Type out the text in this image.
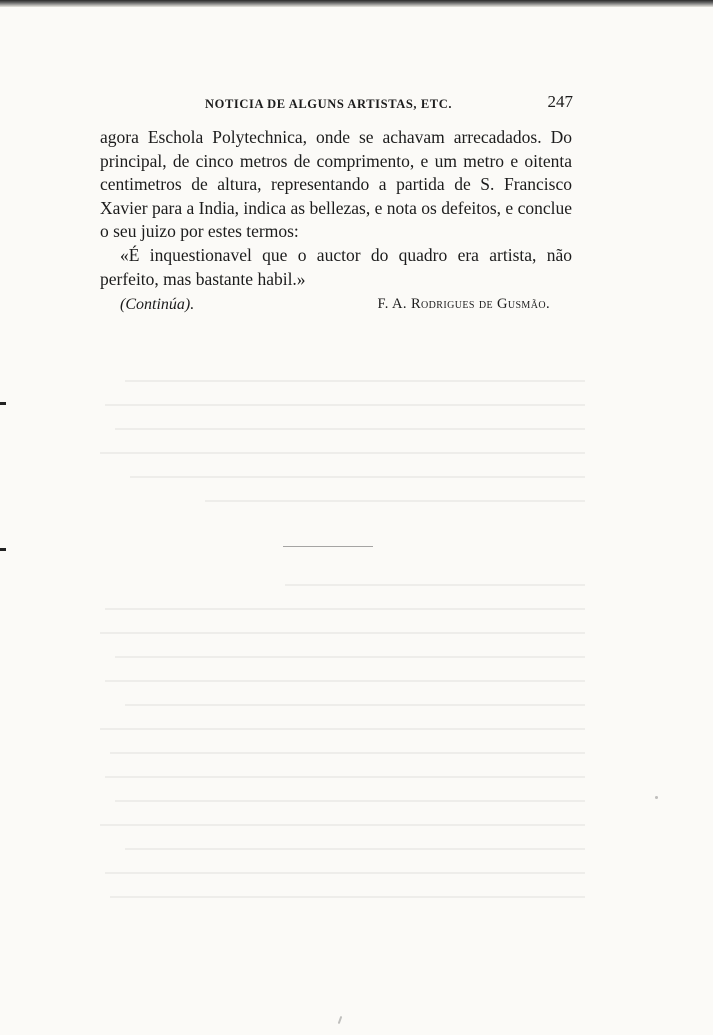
NOTICIA DE ALGUNS ARTISTAS, ETC.	247

agora Eschola Polytechnica, onde se achavam arrecadados. Do principal, de cinco metros de comprimento, e um metro e oitenta centimetros de altura, representando a partida de S. Francisco Xavier para a India, indica as bellezas, e nota os defeitos, e conclue o seu juizo por estes termos:

«É inquestionavel que o auctor do quadro era artista, não perfeito, mas bastante habil.»

(Continúa).	F. A. Rodrigues de Gusmão.
